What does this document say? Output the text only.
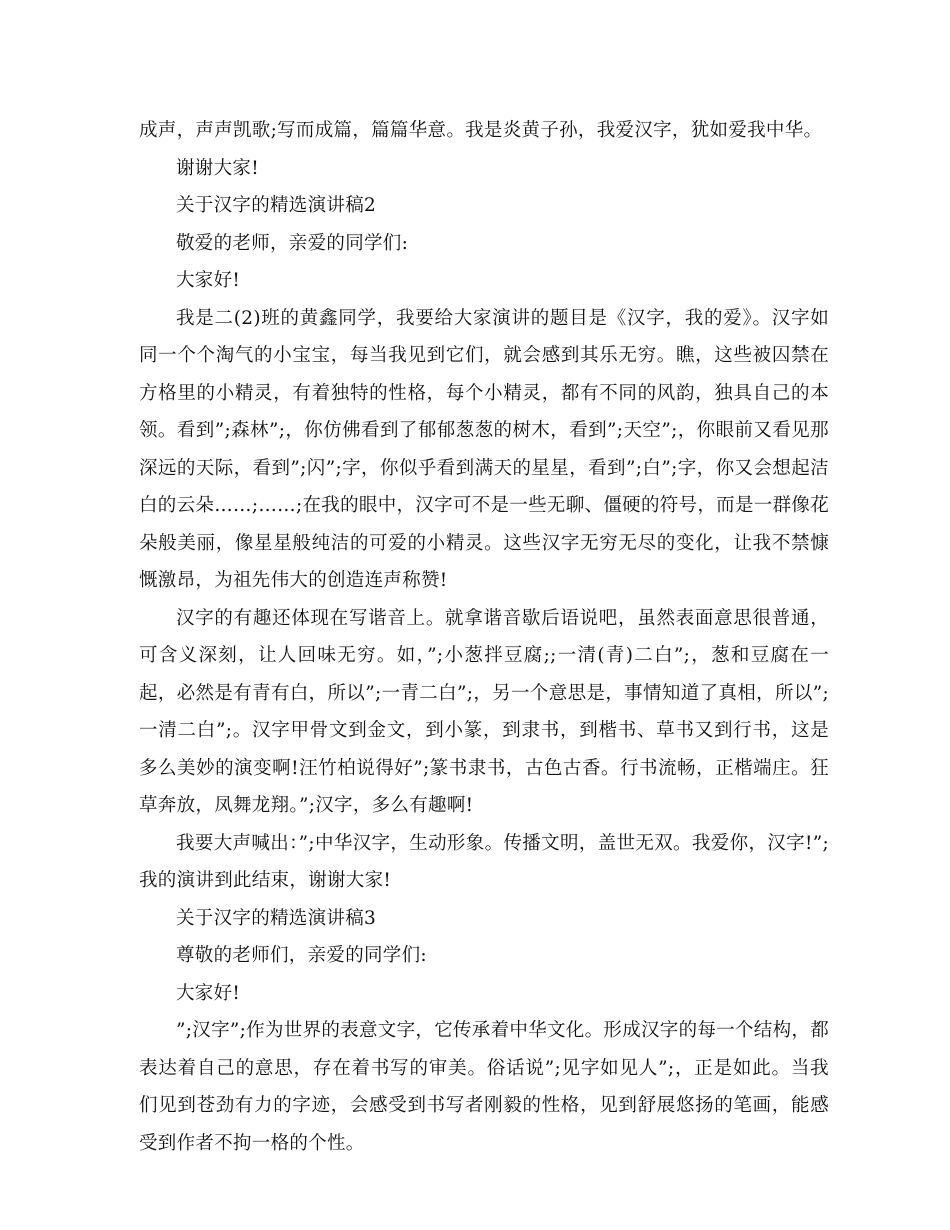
成声，声声凯歌;写而成篇，篇篇华意。我是炎黄子孙，我爱汉字，犹如爱我中华。

谢谢大家!

关于汉字的精选演讲稿2

敬爱的老师，亲爱的同学们:

大家好!

我是二(2)班的黄鑫同学，我要给大家演讲的题目是《汉字，我的爱》。汉字如同一个个淘气的小宝宝，每当我见到它们，就会感到其乐无穷。瞧，这些被囚禁在方格里的小精灵，有着独特的性格，每个小精灵，都有不同的风韵，独具自己的本领。看到”;森林”;，你仿佛看到了郁郁葱葱的树木，看到”;天空”;，你眼前又看见那深远的天际，看到”;闪”;字，你似乎看到满天的星星，看到”;白”;字，你又会想起洁白的云朵……;……;在我的眼中，汉字可不是一些无聊、僵硬的符号，而是一群像花朵般美丽，像星星般纯洁的可爱的小精灵。这些汉字无穷无尽的变化，让我不禁慷慨激昂，为祖先伟大的创造连声称赞!

汉字的有趣还体现在写谐音上。就拿谐音歇后语说吧，虽然表面意思很普通，可含义深刻，让人回味无穷。如，”;小葱拌豆腐;;一清(青)二白”;，葱和豆腐在一起，必然是有青有白，所以”;一青二白”;，另一个意思是，事情知道了真相，所以”;一清二白”;。汉字甲骨文到金文，到小篆，到隶书，到楷书、草书又到行书，这是多么美妙的演变啊!汪竹柏说得好”;篆书隶书，古色古香。行书流畅，正楷端庄。狂草奔放，凤舞龙翔。”;汉字，多么有趣啊!

我要大声喊出：”;中华汉字，生动形象。传播文明，盖世无双。我爱你，汉字!”;我的演讲到此结束，谢谢大家!

关于汉字的精选演讲稿3

尊敬的老师们，亲爱的同学们:

大家好!

”;汉字”;作为世界的表意文字，它传承着中华文化。形成汉字的每一个结构，都表达着自己的意思，存在着书写的审美。俗话说”;见字如见人”;，正是如此。当我们见到苍劲有力的字迹，会感受到书写者刚毅的性格，见到舒展悠扬的笔画，能感受到作者不拘一格的个性。
